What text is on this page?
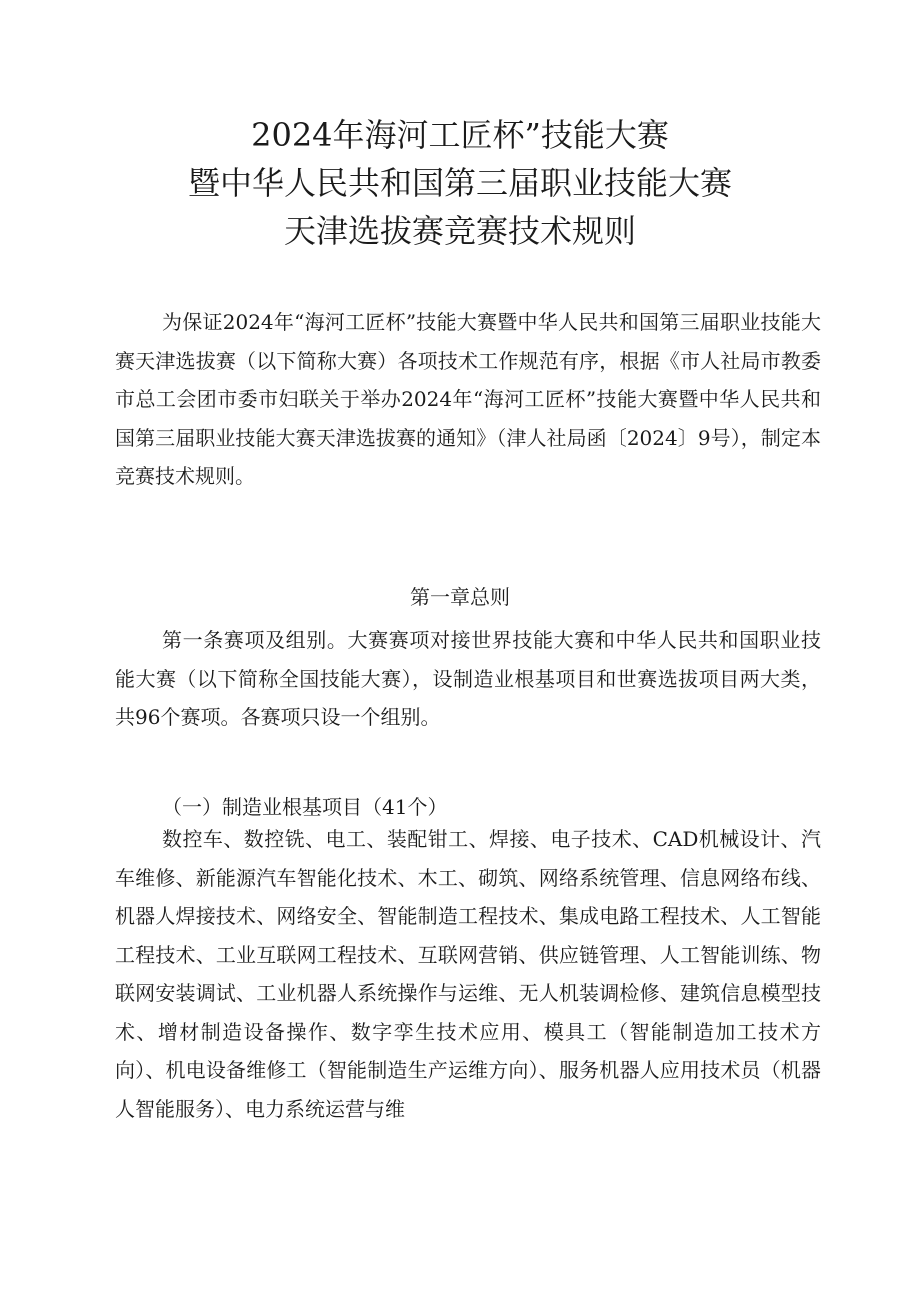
2024年海河工匠杯”技能大赛
暨中华人民共和国第三届职业技能大赛
天津选拔赛竞赛技术规则

为保证2024年“海河工匠杯”技能大赛暨中华人民共和国第三届职业技能大赛天津选拔赛（以下简称大赛）各项技术工作规范有序，根据《市人社局市教委市总工会团市委市妇联关于举办2024年“海河工匠杯”技能大赛暨中华人民共和国第三届职业技能大赛天津选拔赛的通知》（津人社局函〔2024〕9号），制定本竞赛技术规则。

第一章总则

第一条赛项及组别。大赛赛项对接世界技能大赛和中华人民共和国职业技能大赛（以下简称全国技能大赛），设制造业根基项目和世赛选拔项目两大类，共96个赛项。各赛项只设一个组别。

（一）制造业根基项目（41个）

数控车、数控铣、电工、装配钳工、焊接、电子技术、CAD机械设计、汽车维修、新能源汽车智能化技术、木工、砌筑、网络系统管理、信息网络布线、机器人焊接技术、网络安全、智能制造工程技术、集成电路工程技术、人工智能工程技术、工业互联网工程技术、互联网营销、供应链管理、人工智能训练、物联网安装调试、工业机器人系统操作与运维、无人机装调检修、建筑信息模型技术、增材制造设备操作、数字孪生技术应用、模具工（智能制造加工技术方向）、机电设备维修工（智能制造生产运维方向）、服务机器人应用技术员（机器人智能服务）、电力系统运营与维
